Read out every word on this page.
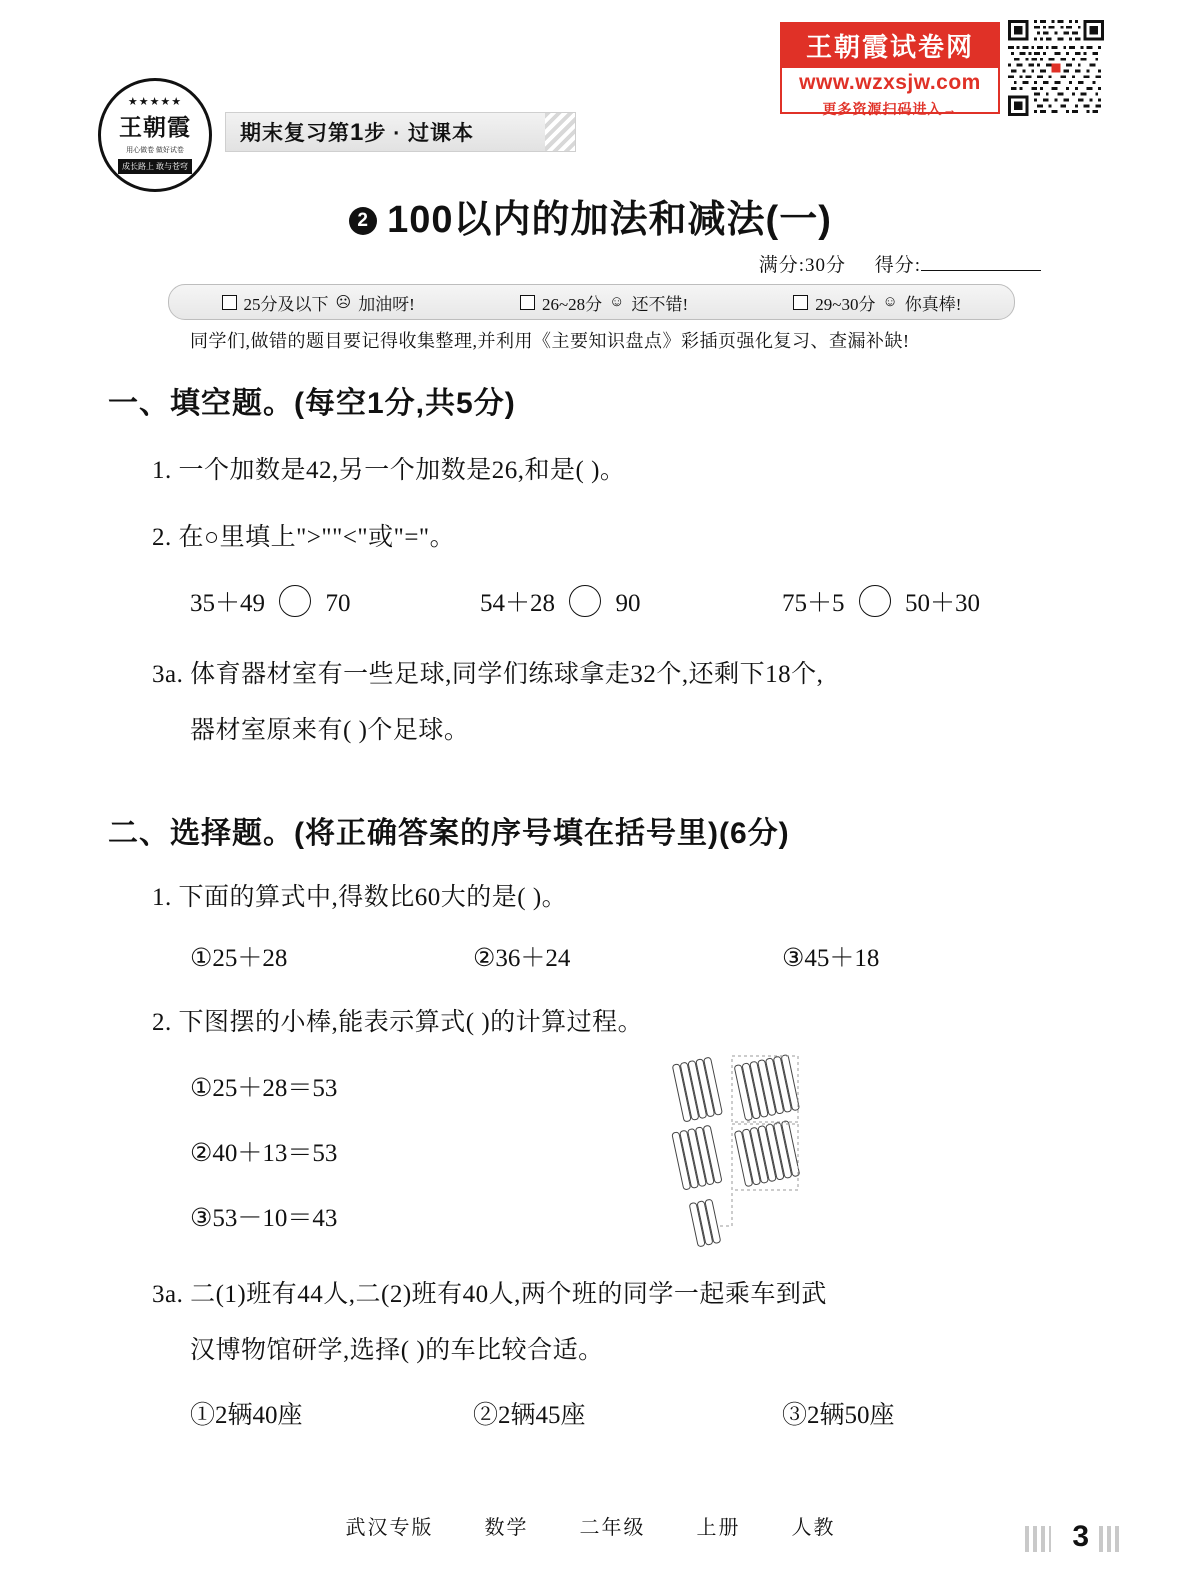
★★★★★
王朝霞
用心做卷 做好试卷
成长路上 敢与苍穹
期末复习第1步 · 过课本
王朝霞试卷网
www.wzxsjw.com
更多资源扫码进入→
2 100以内的加法和减法(一)
满分:30分 得分:
25分及以下 ☹ 加油呀!	26~28分 ☺ 还不错!	29~30分 ☺ 你真棒!
同学们,做错的题目要记得收集整理,并利用《主要知识盘点》彩插页强化复习、查漏补缺!
一、填空题。(每空1分,共5分)
1. 一个加数是42,另一个加数是26,和是( )。
2. 在○里填上">""<"或"="。
35＋49 70	54＋28 90	75＋5 50＋30
3a. 体育器材室有一些足球,同学们练球拿走32个,还剩下18个,
器材室原来有( )个足球。
二、选择题。(将正确答案的序号填在括号里)(6分)
1. 下面的算式中,得数比60大的是( )。
①25＋28	②36＋24	③45＋18
2. 下图摆的小棒,能表示算式( )的计算过程。
①25＋28＝53
②40＋13＝53
③53－10＝43
3a. 二(1)班有44人,二(2)班有40人,两个班的同学一起乘车到武
汉博物馆研学,选择( )的车比较合适。
①2辆40座	②2辆45座	③2辆50座
武汉专版	数学	二年级	上册	人教	3
